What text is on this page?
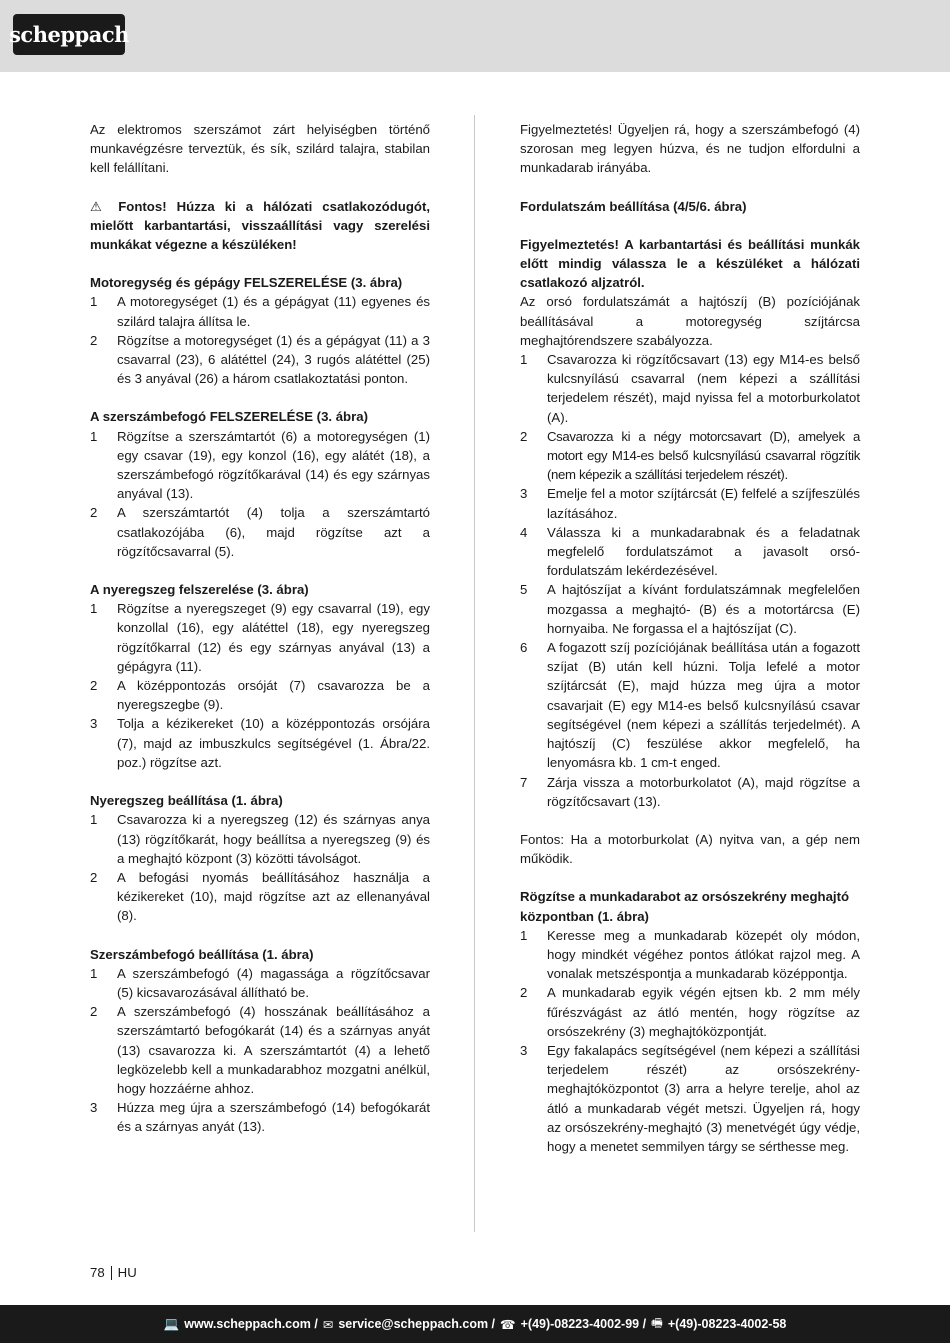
scheppach

Az elektromos szerszámot zárt helyiségben történő munkavégzésre terveztük, és sík, szilárd talajra, stabilan kell felállítani.

⚠ Fontos! Húzza ki a hálózati csatlakozódugót, mielőtt karbantartási, visszaállítási vagy szerelési munkákat végezne a készüléken!

Motoregység és gépágy FELSZERELÉSE (3. ábra)

1	A motoregységet (1) és a gépágyat (11) egyenes és szilárd talajra állítsa le.
2	Rögzítse a motoregységet (1) és a gépágyat (11) a 3 csavarral (23), 6 alátéttel (24), 3 rugós alátéttel (25) és 3 anyával (26) a három csatlakoztatási ponton.

A szerszámbefogó FELSZERELÉSE (3. ábra)

1	Rögzítse a szerszámtartót (6) a motoregységen (1) egy csavar (19), egy konzol (16), egy alátét (18), a szerszámbefogó rögzítőkarával (14) és egy szárnyas anyával (13).
2	A szerszámtartót (4) tolja a szerszámtartó csatlakozójába (6), majd rögzítse azt a rögzítőcsavarral (5).

A nyeregszeg felszerelése (3. ábra)

1	Rögzítse a nyeregszeget (9) egy csavarral (19), egy konzollal (16), egy alátéttel (18), egy nyeregszeg rögzítőkarral (12) és egy szárnyas anyával (13) a gépágyra (11).
2	A középpontozás orsóját (7) csavarozza be a nyeregszegbe (9).
3	Tolja a kézikereket (10) a középpontozás orsójára (7), majd az imbuszkulcs segítségével (1. Ábra/22. poz.) rögzítse azt.

Nyeregszeg beállítása (1. ábra)

1	Csavarozza ki a nyeregszeg (12) és szárnyas anya (13) rögzítőkarát, hogy beállítsa a nyeregszeg (9) és a meghajtó központ (3) közötti távolságot.
2	A befogási nyomás beállításához használja a kézikereket (10), majd rögzítse azt az ellenanyával (8).

Szerszámbefogó beállítása (1. ábra)

1	A szerszámbefogó (4) magassága a rögzítőcsavar (5) kicsavarozásával állítható be.
2	A szerszámbefogó (4) hosszának beállításához a szerszámtartó befogókarát (14) és a szárnyas anyát (13) csavarozza ki. A szerszámtartót (4) a lehető legközelebb kell a munkadarabhoz mozgatni anélkül, hogy hozzáérne ahhoz.
3	Húzza meg újra a szerszámbefogó (14) befogókarát és a szárnyas anyát (13).

Figyelmeztetés! Ügyeljen rá, hogy a szerszámbefogó (4) szorosan meg legyen húzva, és ne tudjon elfordulni a munkadarab irányába.

Fordulatszám beállítása (4/5/6. ábra)

Figyelmeztetés! A karbantartási és beállítási munkák előtt mindig válassza le a készüléket a hálózati csatlakozó aljzatról.

Az orsó fordulatszámát a hajtószíj (B) pozíciójának beállításával a motoregység szíjtárcsa meghajtórendszere szabályozza.

1	Csavarozza ki rögzítőcsavart (13) egy M14-es belső kulcsnyílású csavarral (nem képezi a szállítási terjedelem részét), majd nyissa fel a motorburkolatot (A).
2	Csavarozza ki a négy motorcsavart (D), amelyek a motort egy M14-es belső kulcsnyílású csavarral rögzítik (nem képezik a szállítási terjedelem részét).
3	Emelje fel a motor szíjtárcsát (E) felfelé a szíjfeszülés lazításához.
4	Válassza ki a munkadarabnak és a feladatnak megfelelő fordulatszámot a javasolt orsó-fordulatszám lekérdezésével.
5	A hajtószíjat a kívánt fordulatszámnak megfelelően mozgassa a meghajtó- (B) és a motortárcsa (E) hornyaiba. Ne forgassa el a hajtószíjat (C).
6	A fogazott szíj pozíciójának beállítása után a fogazott szíjat (B) után kell húzni. Tolja lefelé a motor szíjtárcsát (E), majd húzza meg újra a motor csavarjait (E) egy M14-es belső kulcsnyílású csavar segítségével (nem képezi a szállítás terjedelmét). A hajtószíj (C) feszülése akkor megfelelő, ha lenyomásra kb. 1 cm-t enged.
7	Zárja vissza a motorburkolatot (A), majd rögzítse a rögzítőcsavart (13).

Fontos: Ha a motorburkolat (A) nyitva van, a gép nem működik.

Rögzítse a munkadarabot az orsószekrény meghajtó központban (1. ábra)

1	Keresse meg a munkadarab közepét oly módon, hogy mindkét végéhez pontos átlókat rajzol meg. A vonalak metszéspontja a munkadarab középpontja.
2	A munkadarab egyik végén ejtsen kb. 2 mm mély fűrészvágást az átló mentén, hogy rögzítse az orsószekrény (3) meghajtóközpontját.
3	Egy fakalapács segítségével (nem képezi a szállítási terjedelem részét) az orsószekrény-meghajtóközpontot (3) arra a helyre terelje, ahol az átló a munkadarab végét metszi. Ügyeljen rá, hogy az orsószekrény-meghajtó (3) menetvégét úgy védje, hogy a menetet semmilyen tárgy se sérthesse meg.
78 HU
💻 www.scheppach.com / ✉ service@scheppach.com / ☎ +(49)-08223-4002-99 / 🖷 +(49)-08223-4002-58
